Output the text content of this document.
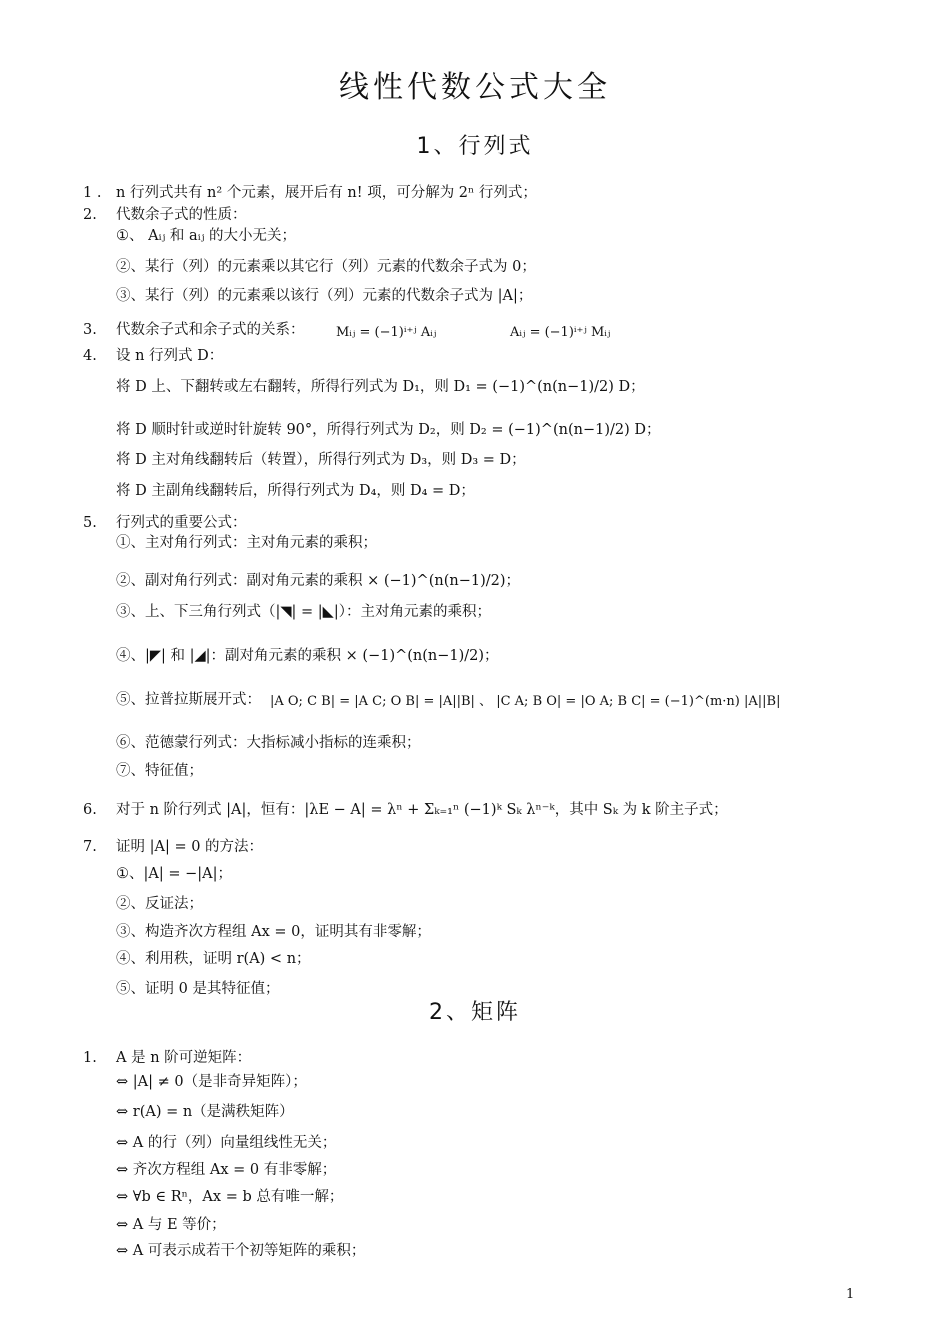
线性代数公式大全
1、行列式
1 .	n 行列式共有 n² 个元素，展开后有 n! 项，可分解为 2ⁿ 行列式；
2.	代数余子式的性质：
①、 Aᵢⱼ 和 aᵢⱼ 的大小无关；
②、某行（列）的元素乘以其它行（列）元素的代数余子式为 0；
③、某行（列）的元素乘以该行（列）元素的代数余子式为 |A|；
3.	代数余子式和余子式的关系： Mᵢⱼ = (−1)ⁱ⁺ʲ Aᵢⱼ	Aᵢⱼ = (−1)ⁱ⁺ʲ Mᵢⱼ
4.	设 n 行列式 D：
将 D 上、下翻转或左右翻转，所得行列式为 D₁，则 D₁ = (−1)^(n(n−1)/2) D；
将 D 顺时针或逆时针旋转 90°，所得行列式为 D₂，则 D₂ = (−1)^(n(n−1)/2) D；
将 D 主对角线翻转后（转置），所得行列式为 D₃，则 D₃ = D；
将 D 主副角线翻转后，所得行列式为 D₄，则 D₄ = D；
5.	行列式的重要公式：
①、主对角行列式：主对角元素的乘积；
②、副对角行列式：副对角元素的乘积 × (−1)^(n(n−1)/2)；
③、上、下三角行列式（|◥| = |◣|）：主对角元素的乘积；
④、|◤| 和 |◢|：副对角元素的乘积 × (−1)^(n(n−1)/2)；
⑤、拉普拉斯展开式： |A O; C B| = |A C; O B| = |A||B| 、 |C A; B O| = |O A; B C| = (−1)^(m·n) |A||B|
⑥、范德蒙行列式：大指标减小指标的连乘积；
⑦、特征值；
6.	对于 n 阶行列式 |A|，恒有：|λE − A| = λⁿ + Σₖ₌₁ⁿ (−1)ᵏ Sₖ λⁿ⁻ᵏ，其中 Sₖ 为 k 阶主子式；
7.	证明 |A| = 0 的方法：
①、|A| = −|A|；
②、反证法；
③、构造齐次方程组 Ax = 0，证明其有非零解；
④、利用秩，证明 r(A) < n；
⑤、证明 0 是其特征值；
2、矩阵
1.	A 是 n 阶可逆矩阵：
⇔ |A| ≠ 0（是非奇异矩阵）；
⇔ r(A) = n（是满秩矩阵）
⇔ A 的行（列）向量组线性无关；
⇔ 齐次方程组 Ax = 0 有非零解；
⇔ ∀b ∈ Rⁿ，Ax = b 总有唯一解；
⇔ A 与 E 等价；
⇔ A 可表示成若干个初等矩阵的乘积；
1
